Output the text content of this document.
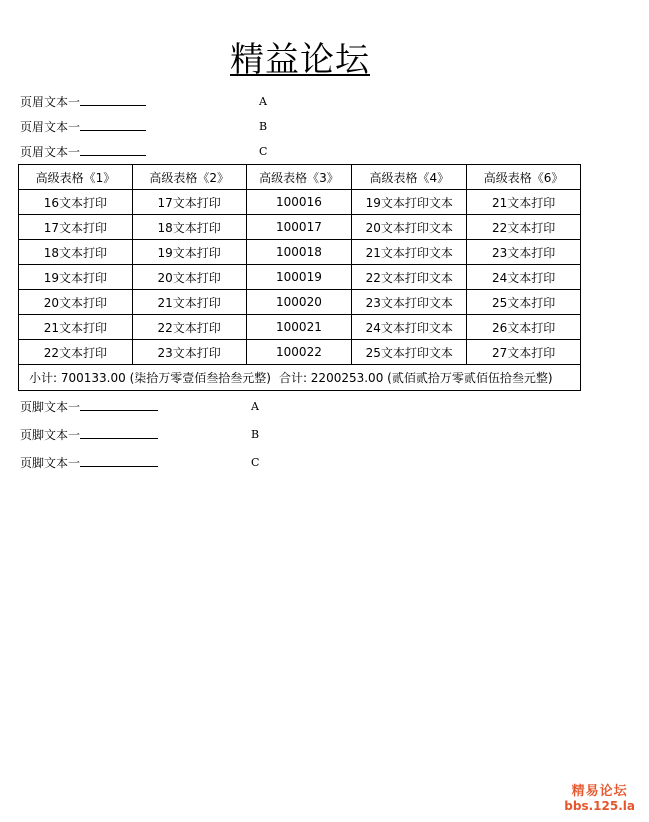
精益论坛
页眉文本一	A
页眉文本一	B
页眉文本一	C
高级表格《1》	高级表格《2》	高级表格《3》	高级表格《4》	高级表格《6》
16文本打印	17文本打印	100016	19文本打印文本	21文本打印
17文本打印	18文本打印	100017	20文本打印文本	22文本打印
18文本打印	19文本打印	100018	21文本打印文本	23文本打印
19文本打印	20文本打印	100019	22文本打印文本	24文本打印
20文本打印	21文本打印	100020	23文本打印文本	25文本打印
21文本打印	22文本打印	100021	24文本打印文本	26文本打印
22文本打印	23文本打印	100022	25文本打印文本	27文本打印
小计: 700133.00 (柒拾万零壹佰叁拾叁元整) 合计: 2200253.00 (贰佰贰拾万零贰佰伍拾叁元整)				
页脚文本一	A
页脚文本一	B
页脚文本一	C
精易论坛
bbs.125.la
